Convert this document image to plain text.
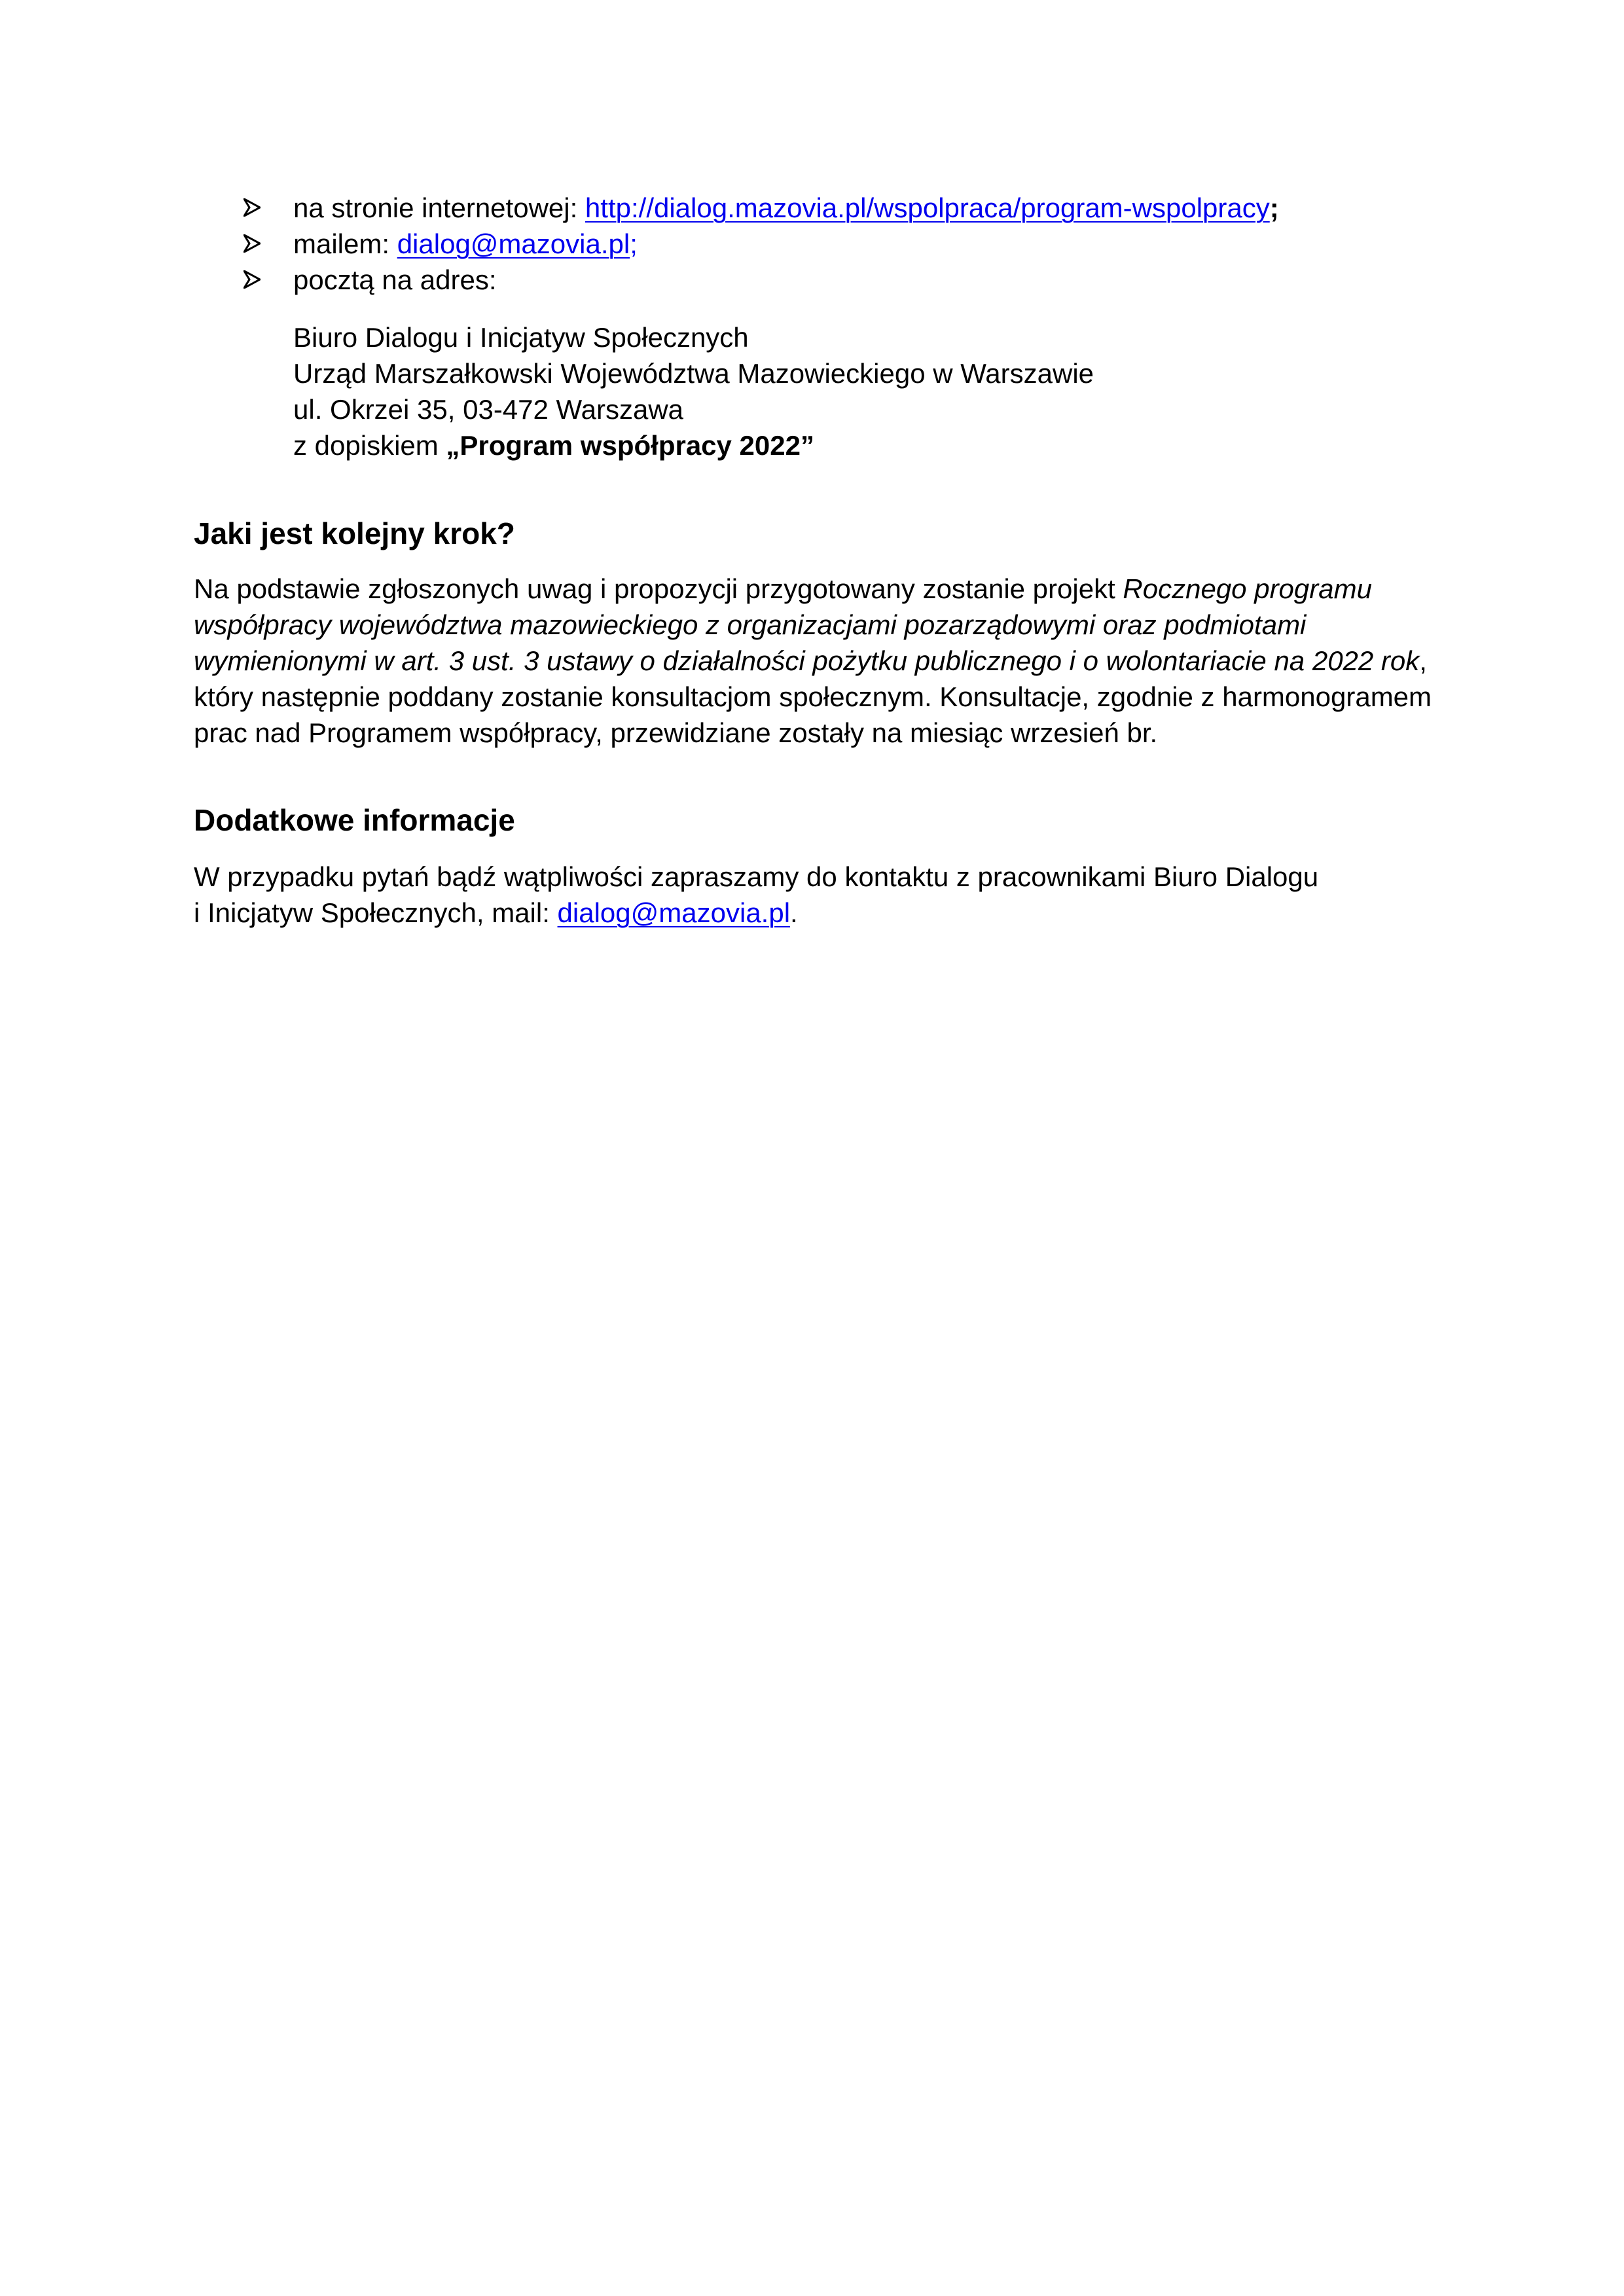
na stronie internetowej: http://dialog.mazovia.pl/wspolpraca/program-wspolpracy;
mailem: dialog@mazovia.pl;
pocztą na adres:
Biuro Dialogu i Inicjatyw Społecznych
Urząd Marszałkowski Województwa Mazowieckiego w Warszawie
ul. Okrzei 35, 03-472 Warszawa
z dopiskiem „Program współpracy 2022”
Jaki jest kolejny krok?
Na podstawie zgłoszonych uwag i propozycji przygotowany zostanie projekt Rocznego programu
współpracy województwa mazowieckiego z organizacjami pozarządowymi oraz podmiotami
wymienionymi w art. 3 ust. 3 ustawy o działalności pożytku publicznego i o wolontariacie na 2022 rok,
który następnie poddany zostanie konsultacjom społecznym. Konsultacje, zgodnie z harmonogramem
prac nad Programem współpracy, przewidziane zostały na miesiąc wrzesień br.
Dodatkowe informacje
W przypadku pytań bądź wątpliwości zapraszamy do kontaktu z pracownikami Biuro Dialogu
i Inicjatyw Społecznych, mail: dialog@mazovia.pl.
